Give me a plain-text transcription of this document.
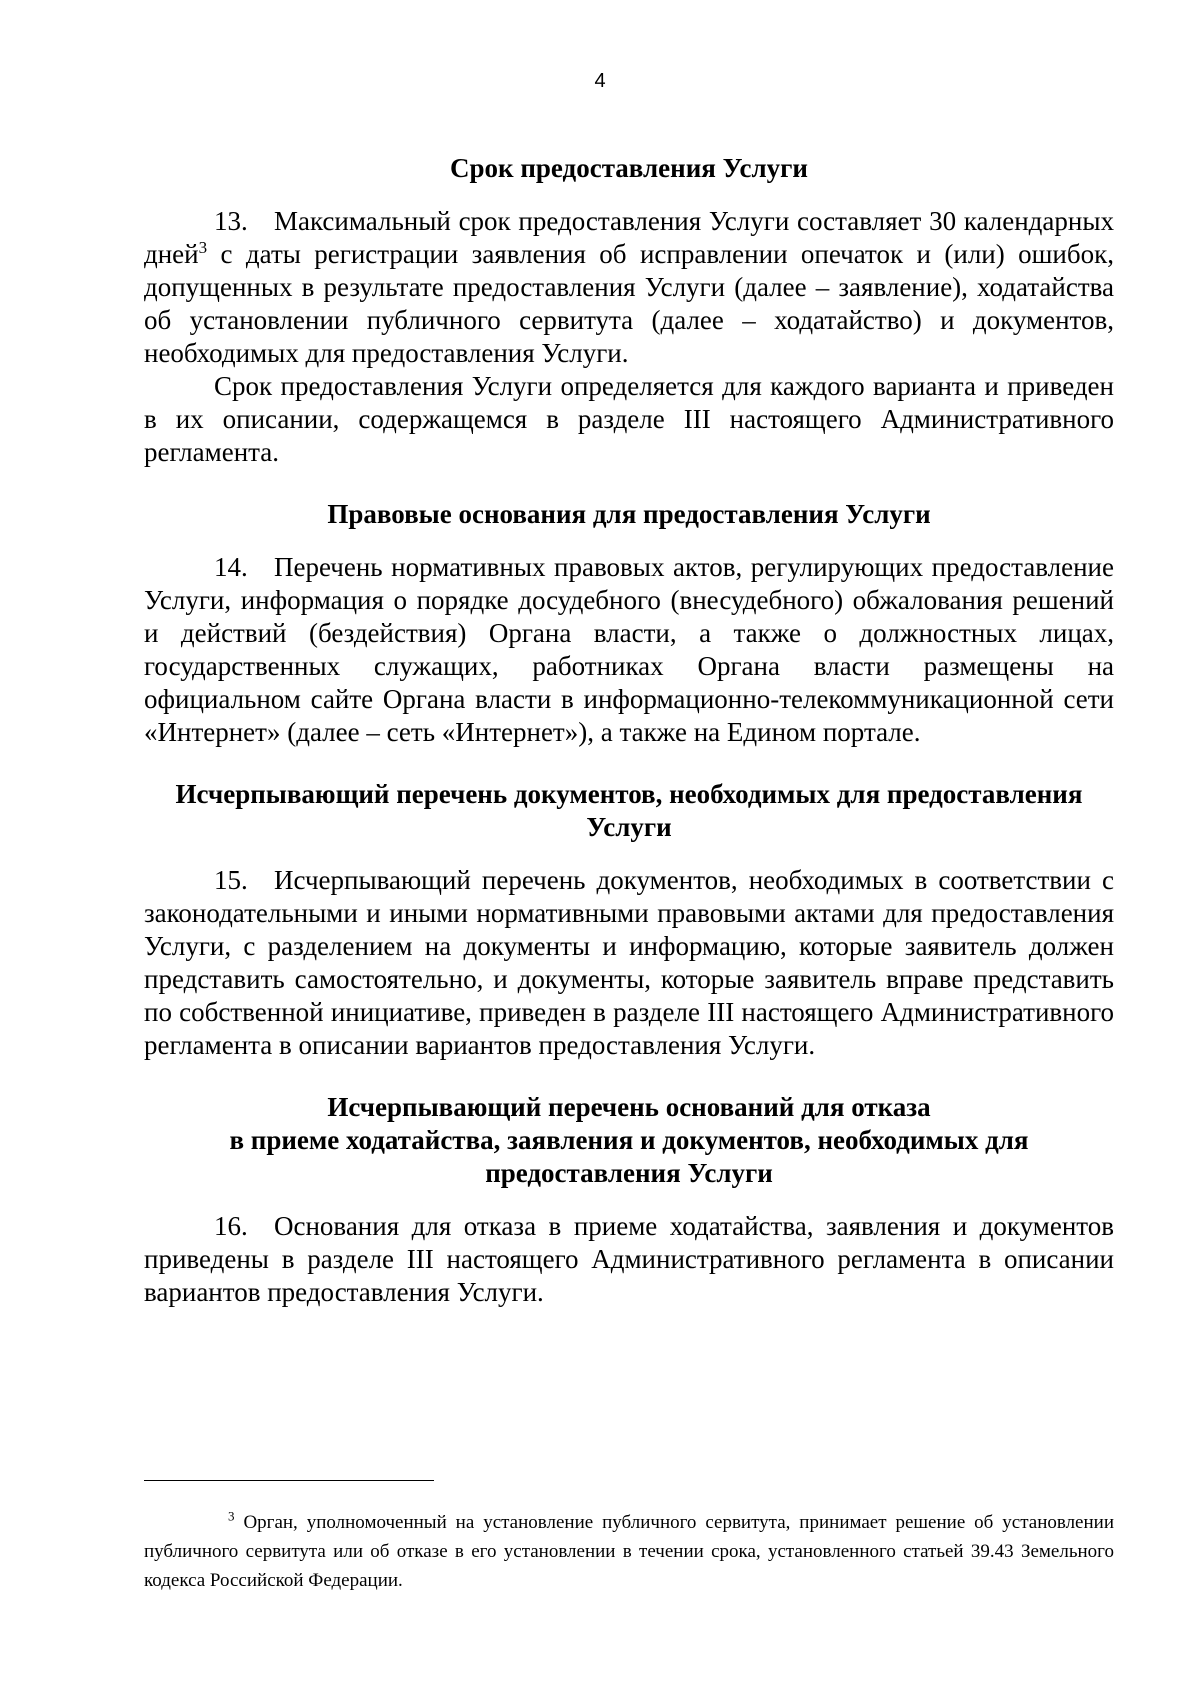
4
Срок предоставления Услуги

13. Максимальный срок предоставления Услуги составляет 30 календарных дней$^3$ с даты регистрации заявления об исправлении опечаток и (или) ошибок, допущенных в результате предоставления Услуги (далее – заявление), ходатайства об установлении публичного сервитута (далее – ходатайство) и документов, необходимых для предоставления Услуги.

Срок предоставления Услуги определяется для каждого варианта и приведен в их описании, содержащемся в разделе III настоящего Административного регламента.

Правовые основания для предоставления Услуги

14. Перечень нормативных правовых актов, регулирующих предоставление Услуги, информация о порядке досудебного (внесудебного) обжалования решений и действий (бездействия) Органа власти, а также о должностных лицах, государственных служащих, работниках Органа власти размещены на официальном сайте Органа власти в информационно-телекоммуникационной сети «Интернет» (далее – сеть «Интернет»), а также на Едином портале.

Исчерпывающий перечень документов, необходимых для предоставления
Услуги

15. Исчерпывающий перечень документов, необходимых в соответствии с законодательными и иными нормативными правовыми актами для предоставления Услуги, с разделением на документы и информацию, которые заявитель должен представить самостоятельно, и документы, которые заявитель вправе представить по собственной инициативе, приведен в разделе III настоящего Административного регламента в описании вариантов предоставления Услуги.

Исчерпывающий перечень оснований для отказа
в приеме ходатайства, заявления и документов, необходимых для
предоставления Услуги

16. Основания для отказа в приеме ходатайства, заявления и документов приведены в разделе III настоящего Административного регламента в описании вариантов предоставления Услуги.

$^3$ Орган, уполномоченный на установление публичного сервитута, принимает решение об установлении публичного сервитута или об отказе в его установлении в течении срока, установленного статьей 39.43 Земельного кодекса Российской Федерации.
